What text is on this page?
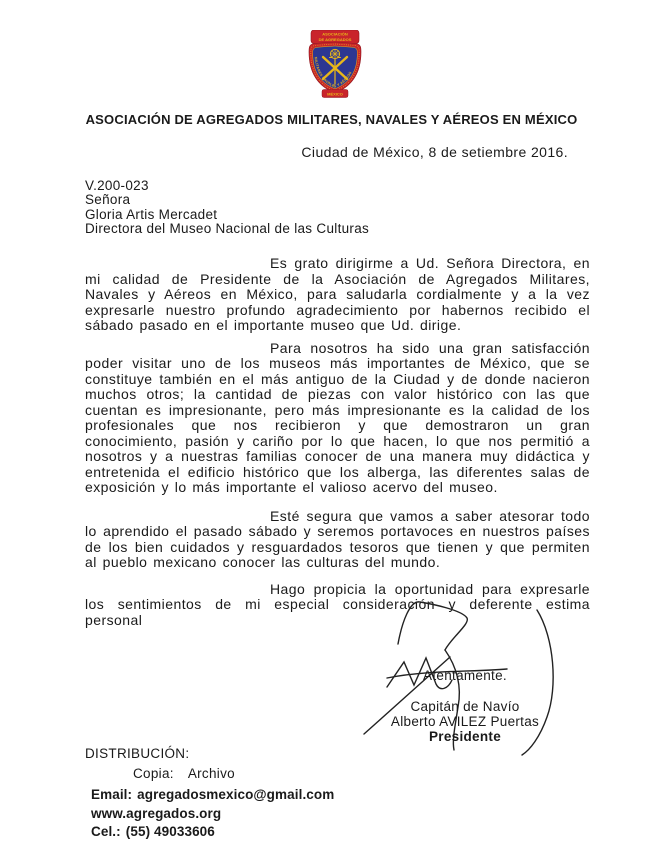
ASOCIACIÓN
DE AGREGADOS
MILITARES NAVALES Y AÉREOS
MÉXICO
ASOCIACIÓN DE AGREGADOS MILITARES, NAVALES Y AÉREOS EN MÉXICO
Ciudad de México, 8 de setiembre 2016.
V.200-023
Señora
Gloria Artis Mercadet
Directora del Museo Nacional de las Culturas

Es grato dirigirme a Ud. Señora Directora, en mi calidad de Presidente de la Asociación de Agregados Militares, Navales y Aéreos en México, para saludarla cordialmente y a la vez expresarle nuestro profundo agradecimiento por habernos recibido el sábado pasado en el importante museo que Ud. dirige.

Para nosotros ha sido una gran satisfacción poder visitar uno de los museos más importantes de México, que se constituye también en el más antiguo de la Ciudad y de donde nacieron muchos otros; la cantidad de piezas con valor histórico con las que cuentan es impresionante, pero más impresionante es la calidad de los profesionales que nos recibieron y que demostraron un gran conocimiento, pasión y cariño por lo que hacen, lo que nos permitió a nosotros y a nuestras familias conocer de una manera muy didáctica y entretenida el edificio histórico que los alberga, las diferentes salas de exposición y lo más importante el valioso acervo del museo.

Esté segura que vamos a saber atesorar todo lo aprendido el pasado sábado y seremos portavoces en nuestros países de los bien cuidados y resguardados tesoros que tienen y que permiten al pueblo mexicano conocer las culturas del mundo.

Hago propicia la oportunidad para expresarle los sentimientos de mi especial consideración y deferente estima personal

Atentamente.
Capitán de Navío
Alberto AVILEZ Puertas
Presidente
DISTRIBUCIÓN:
Copia: Archivo
Email: agregadosmexico@gmail.com
www.agregados.org
Cel.: (55) 49033606
